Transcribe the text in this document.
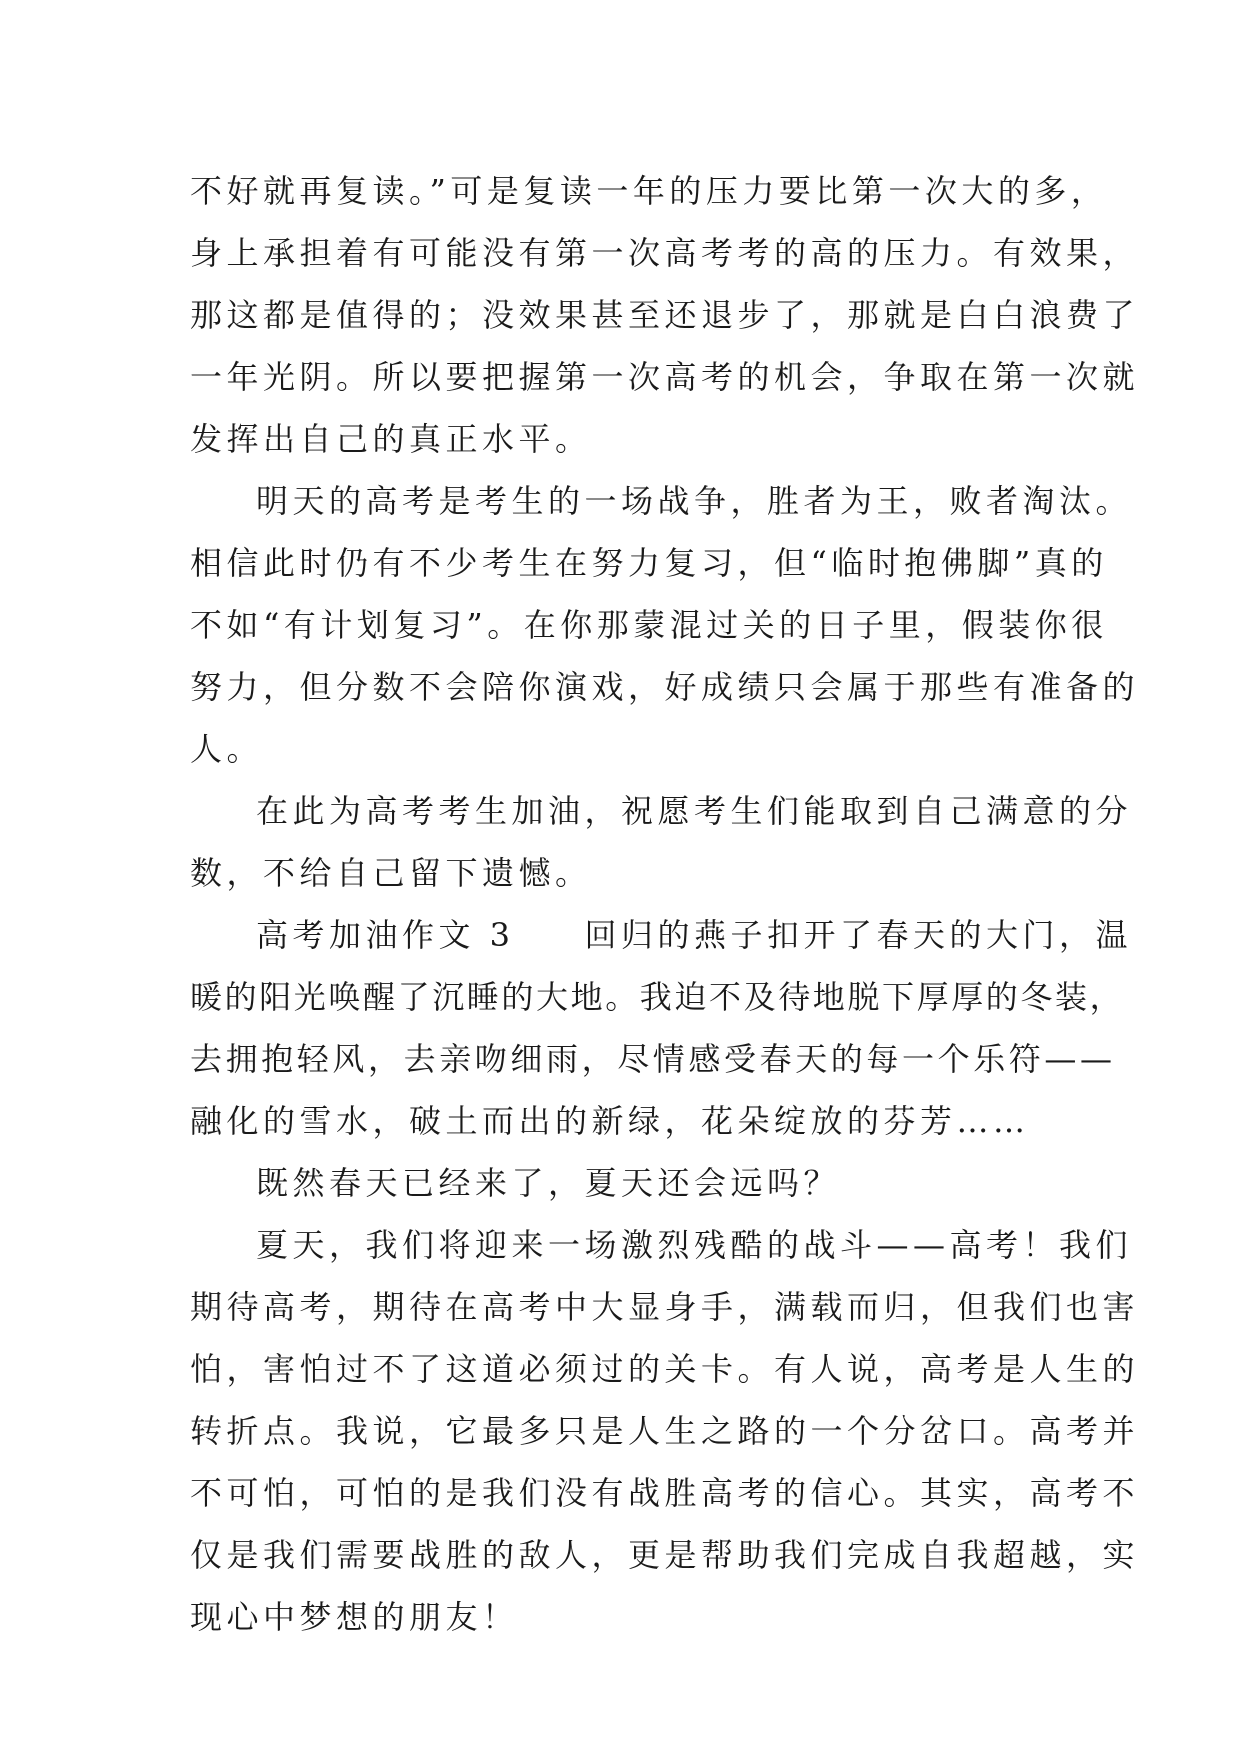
不好就再复读。”可是复读一年的压力要比第一次大的多，
身上承担着有可能没有第一次高考考的高的压力。有效果，
那这都是值得的；没效果甚至还退步了，那就是白白浪费了
一年光阴。所以要把握第一次高考的机会，争取在第一次就
发挥出自己的真正水平。
明天的高考是考生的一场战争，胜者为王，败者淘汰。
相信此时仍有不少考生在努力复习，但“临时抱佛脚”真的
不如“有计划复习”。在你那蒙混过关的日子里，假装你很
努力，但分数不会陪你演戏，好成绩只会属于那些有准备的
人。
在此为高考考生加油，祝愿考生们能取到自己满意的分
数，不给自己留下遗憾。
高考加油作文 3 回归的燕子扣开了春天的大门，温
暖的阳光唤醒了沉睡的大地。我迫不及待地脱下厚厚的冬装，
去拥抱轻风，去亲吻细雨，尽情感受春天的每一个乐符——
融化的雪水，破土而出的新绿，花朵绽放的芬芳……
既然春天已经来了，夏天还会远吗？
夏天，我们将迎来一场激烈残酷的战斗——高考！我们
期待高考，期待在高考中大显身手，满载而归，但我们也害
怕，害怕过不了这道必须过的关卡。有人说，高考是人生的
转折点。我说，它最多只是人生之路的一个分岔口。高考并
不可怕，可怕的是我们没有战胜高考的信心。其实，高考不
仅是我们需要战胜的敌人，更是帮助我们完成自我超越，实
现心中梦想的朋友！
